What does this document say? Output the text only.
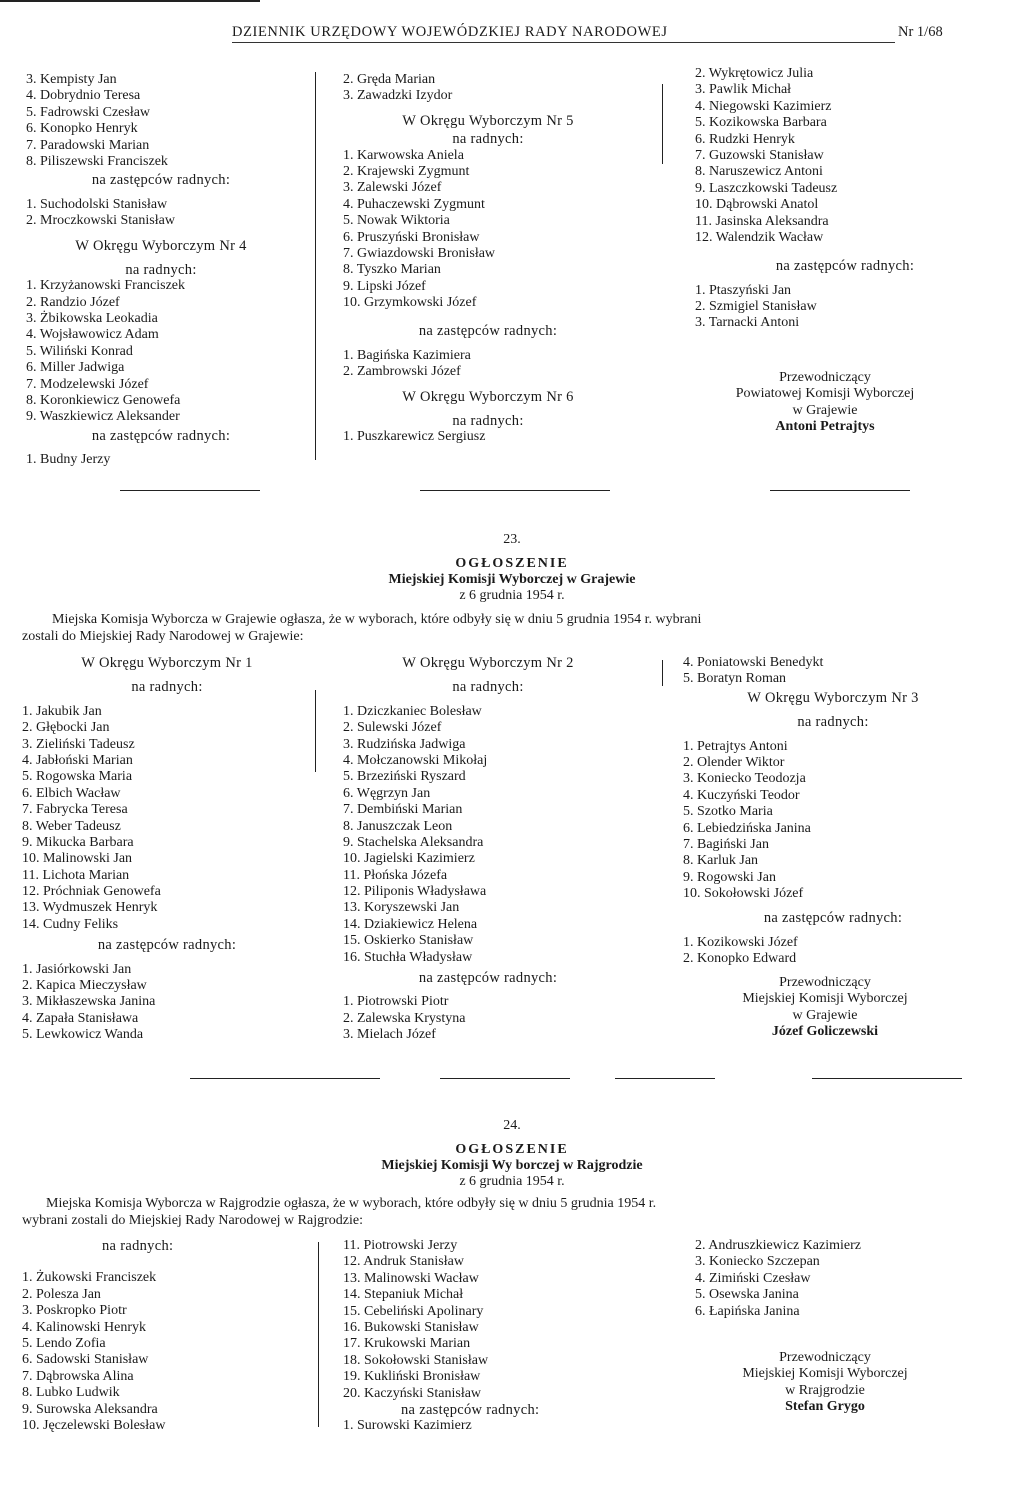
DZIENNIK URZĘDOWY WOJEWÓDZKIEJ RADY NARODOWEJ	Nr 1/68
3. Kempisty Jan
4. Dobrydnio Teresa
5. Fadrowski Czesław
6. Konopko Henryk
7. Paradowski Marian
8. Piliszewski Franciszek
na zastępców radnych:
1. Suchodolski Stanisław
2. Mroczkowski Stanisław
W Okręgu Wyborczym Nr 4
na radnych:
1. Krzyżanowski Franciszek
2. Randzio Józef
3. Żbikowska Leokadia
4. Wojsławowicz Adam
5. Wiliński Konrad
6. Miller Jadwiga
7. Modzelewski Józef
8. Koronkiewicz Genowefa
9. Waszkiewicz Aleksander
na zastępców radnych:
1. Budny Jerzy
2. Gręda Marian
3. Zawadzki Izydor
W Okręgu Wyborczym Nr 5
na radnych:
1. Karwowska Aniela
2. Krajewski Zygmunt
3. Zalewski Józef
4. Puhaczewski Zygmunt
5. Nowak Wiktoria
6. Pruszyński Bronisław
7. Gwiazdowski Bronisław
8. Tyszko Marian
9. Lipski Józef
10. Grzymkowski Józef
na zastępców radnych:
1. Bagińska Kazimiera
2. Zambrowski Józef
W Okręgu Wyborczym Nr 6
na radnych:
1. Puszkarewicz Sergiusz
2. Wykrętowicz Julia
3. Pawlik Michał
4. Niegowski Kazimierz
5. Kozikowska Barbara
6. Rudzki Henryk
7. Guzowski Stanisław
8. Naruszewicz Antoni
9. Laszczkowski Tadeusz
10. Dąbrowski Anatol
11. Jasinska Aleksandra
12. Walendzik Wacław
na zastępców radnych:
1. Ptaszyński Jan
2. Szmigiel Stanisław
3. Tarnacki Antoni
Przewodniczący
Powiatowej Komisji Wyborczej
w Grajewie
Antoni Petrajtys
23.
OGŁOSZENIE
Miejskiej Komisji Wyborczej w Grajewie
z 6 grudnia 1954 r.
Miejska Komisja Wyborcza w Grajewie ogłasza, że w wyborach, które odbyły się w dniu 5 grudnia 1954 r. wybrani
zostali do Miejskiej Rady Narodowej w Grajewie:
W Okręgu Wyborczym Nr 1
na radnych:
1. Jakubik Jan
2. Głębocki Jan
3. Zieliński Tadeusz
4. Jabłoński Marian
5. Rogowska Maria
6. Elbich Wacław
7. Fabrycka Teresa
8. Weber Tadeusz
9. Mikucka Barbara
10. Malinowski Jan
11. Lichota Marian
12. Próchniak Genowefa
13. Wydmuszek Henryk
14. Cudny Feliks
na zastępców radnych:
1. Jasiórkowski Jan
2. Kapica Mieczysław
3. Mikłaszewska Janina
4. Zapała Stanisława
5. Lewkowicz Wanda
W Okręgu Wyborczym Nr 2
na radnych:
1. Dziczkaniec Bolesław
2. Sulewski Józef
3. Rudzińska Jadwiga
4. Mołczanowski Mikołaj
5. Brzeziński Ryszard
6. Węgrzyn Jan
7. Dembiński Marian
8. Januszczak Leon
9. Stachelska Aleksandra
10. Jagielski Kazimierz
11. Płońska Józefa
12. Piliponis Władysława
13. Koryszewski Jan
14. Dziakiewicz Helena
15. Oskierko Stanisław
16. Stuchła Władysław
na zastępców radnych:
1. Piotrowski Piotr
2. Zalewska Krystyna
3. Mielach Józef
4. Poniatowski Benedykt
5. Boratyn Roman
W Okręgu Wyborczym Nr 3
na radnych:
1. Petrajtys Antoni
2. Olender Wiktor
3. Koniecko Teodozja
4. Kuczyński Teodor
5. Szotko Maria
6. Lebiedzińska Janina
7. Bagiński Jan
8. Karluk Jan
9. Rogowski Jan
10. Sokołowski Józef
na zastępców radnych:
1. Kozikowski Józef
2. Konopko Edward
Przewodniczący
Miejskiej Komisji Wyborczej
w Grajewie
Józef Goliczewski
24.
OGŁOSZENIE
Miejskiej Komisji Wy borczej w Rajgrodzie
z 6 grudnia 1954 r.
Miejska Komisja Wyborcza w Rajgrodzie ogłasza, że w wyborach, które odbyły się w dniu 5 grudnia 1954 r.
wybrani zostali do Miejskiej Rady Narodowej w Rajgrodzie:
na radnych:
1. Żukowski Franciszek
2. Polesza Jan
3. Poskropko Piotr
4. Kalinowski Henryk
5. Lendo Zofia
6. Sadowski Stanisław
7. Dąbrowska Alina
8. Lubko Ludwik
9. Surowska Aleksandra
10. Jęczelewski Bolesław
11. Piotrowski Jerzy
12. Andruk Stanisław
13. Malinowski Wacław
14. Stepaniuk Michał
15. Cebeliński Apolinary
16. Bukowski Stanisław
17. Krukowski Marian
18. Sokołowski Stanisław
19. Kukliński Bronisław
20. Kaczyński Stanisław
na zastępców radnych:
1. Surowski Kazimierz
2. Andruszkiewicz Kazimierz
3. Koniecko Szczepan
4. Zimiński Czesław
5. Osewska Janina
6. Łapińska Janina
Przewodniczący
Miejskiej Komisji Wyborczej
w Rrajgrodzie
Stefan Grygo
